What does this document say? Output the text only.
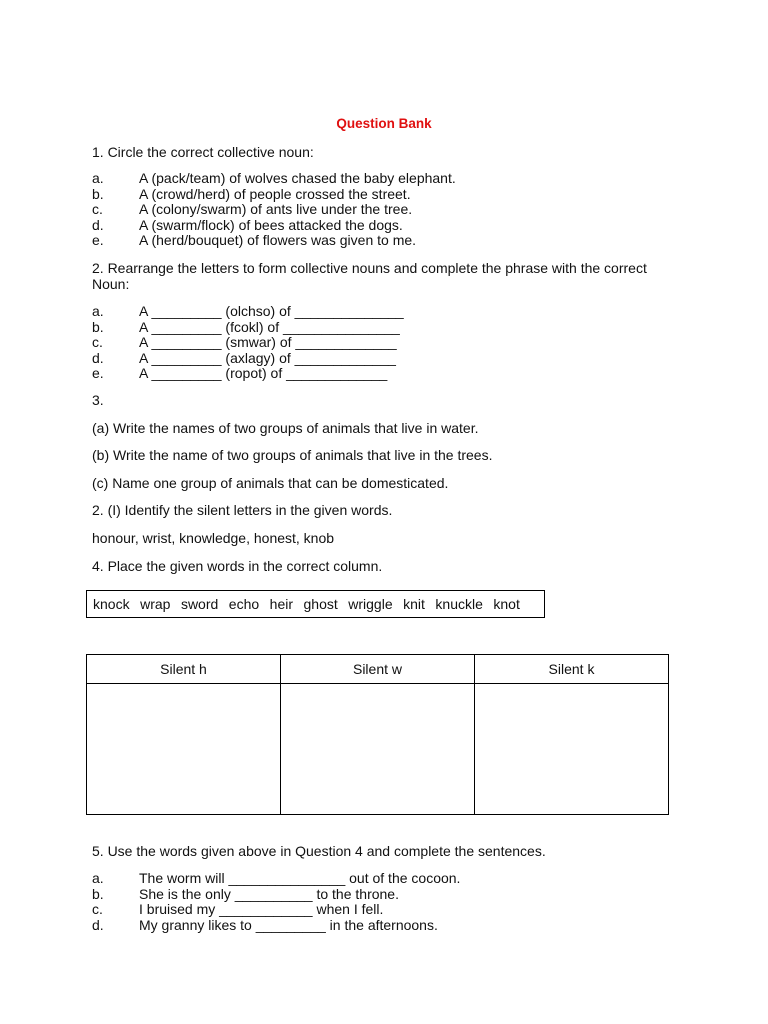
Question Bank
1. Circle the correct collective noun:
a.	A (pack/team) of wolves chased the baby elephant.
b.	A (crowd/herd) of people crossed the street.
c.	A (colony/swarm) of ants live under the tree.
d.	A (swarm/flock) of bees attacked the dogs.
e.	A (herd/bouquet) of flowers was given to me.
2. Rearrange the letters to form collective nouns and complete the phrase with the correct
Noun:
a.	A _________ (olchso) of ______________
b.	A _________ (fcokl) of _______________
c.	A _________ (smwar) of _____________
d.	A _________ (axlagy) of _____________
e.	A _________ (ropot) of _____________
3.
(a) Write the names of two groups of animals that live in water.
(b) Write the name of two groups of animals that live in the trees.
(c) Name one group of animals that can be domesticated.
2. (I) Identify the silent letters in the given words.
honour, wrist, knowledge, honest, knob
4. Place the given words in the correct column.
knock wrap sword echo heir ghost wriggle knit knuckle knot
Silent h	Silent w	Silent k

5. Use the words given above in Question 4 and complete the sentences.
a.	The worm will _______________ out of the cocoon.
b.	She is the only __________ to the throne.
c.	I bruised my ____________ when I fell.
d.	My granny likes to _________ in the afternoons.
